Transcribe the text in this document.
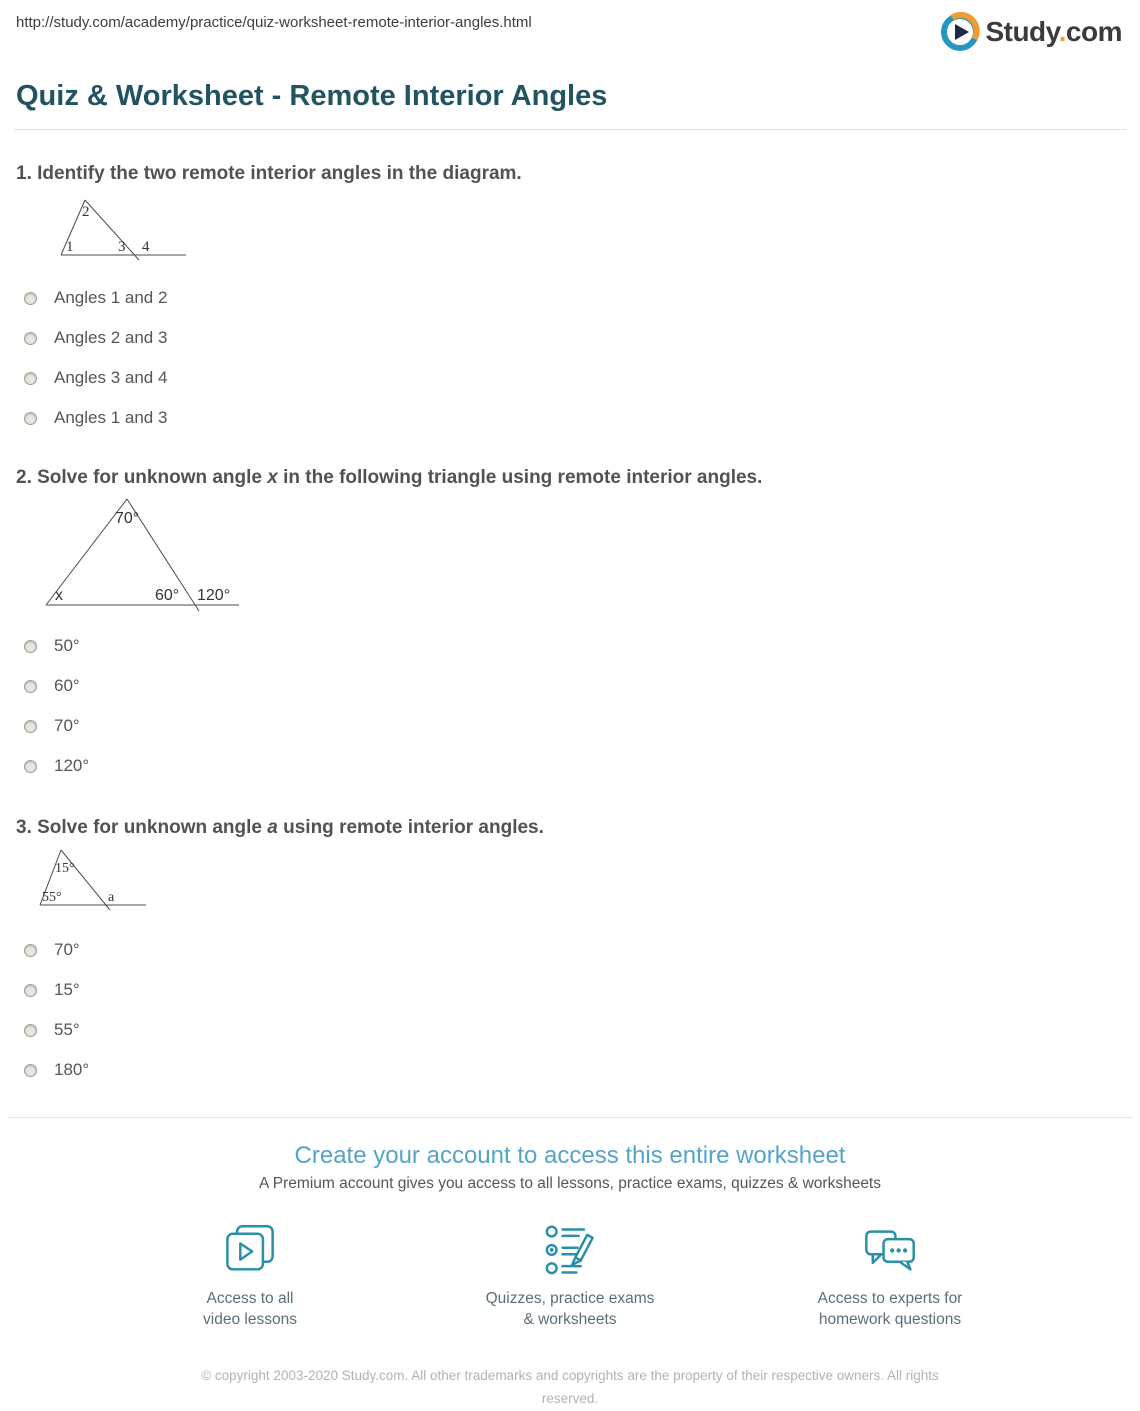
http://study.com/academy/practice/quiz-worksheet-remote-interior-angles.html	Study.com
Quiz & Worksheet - Remote Interior Angles
1. Identify the two remote interior angles in the diagram.
2
1	3 4
Angles 1 and 2
Angles 2 and 3
Angles 3 and 4
Angles 1 and 3
2. Solve for unknown angle x in the following triangle using remote interior angles.
70°
x	60° 120°
50°
60°
70°
120°
3. Solve for unknown angle a using remote interior angles.
15°
55°	a
70°
15°
55°
180°
Create your account to access this entire worksheet
A Premium account gives you access to all lessons, practice exams, quizzes & worksheets
Access to all
video lessons
Quizzes, practice exams
& worksheets
Access to experts for
homework questions
© copyright 2003-2020 Study.com. All other trademarks and copyrights are the property of their respective owners. All rights reserved.
